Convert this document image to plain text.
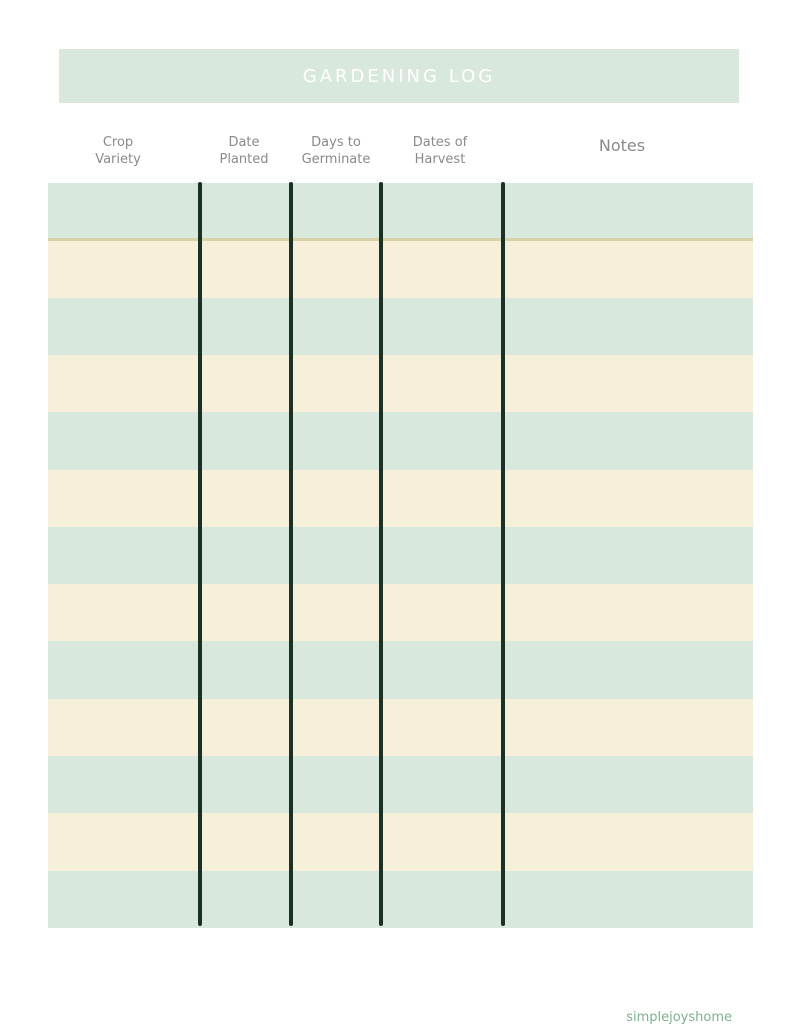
GARDENING LOG
Crop
Variety
Date
Planted
Days to
Germinate
Dates of
Harvest
Notes
simplejoyshome
